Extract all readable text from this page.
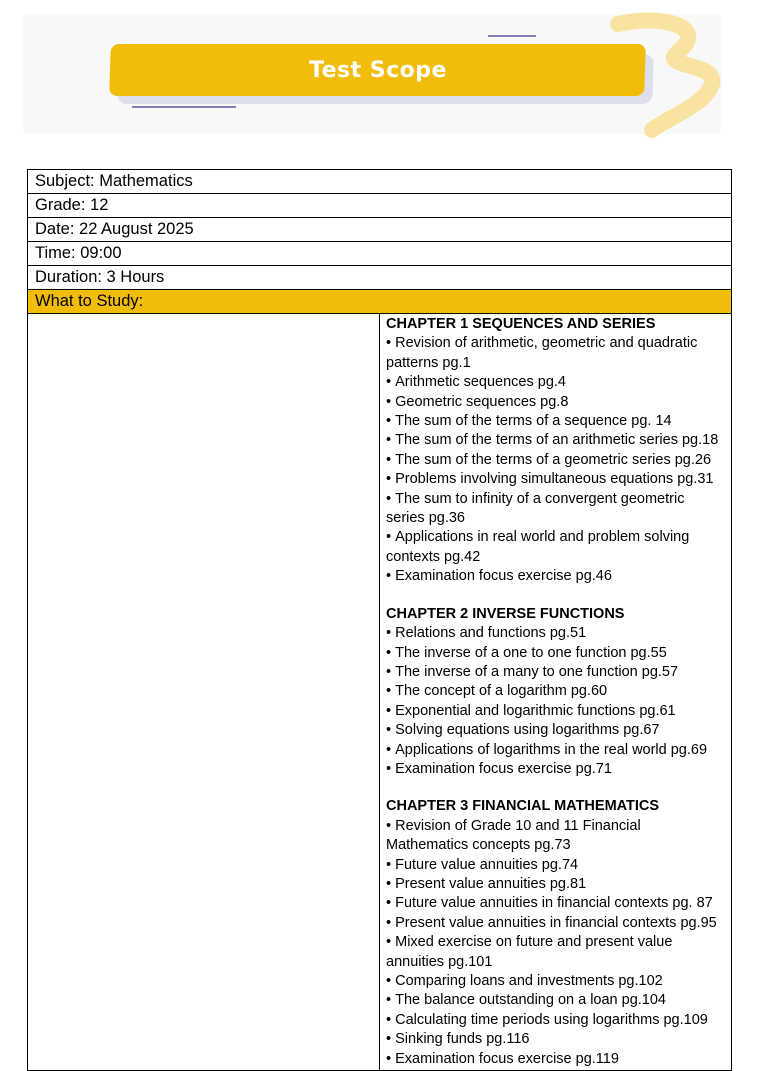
Test Scope
Subject: Mathematics
Grade: 12
Date: 22 August 2025
Time: 09:00
Duration: 3 Hours
What to Study:

CHAPTER 1 SEQUENCES AND SERIES
• Revision of arithmetic, geometric and quadratic patterns pg.1
• Arithmetic sequences pg.4
• Geometric sequences pg.8
• The sum of the terms of a sequence pg. 14
• The sum of the terms of an arithmetic series pg.18
• The sum of the terms of a geometric series pg.26
• Problems involving simultaneous equations pg.31
• The sum to infinity of a convergent geometric series pg.36
• Applications in real world and problem solving contexts pg.42
• Examination focus exercise pg.46
CHAPTER 2 INVERSE FUNCTIONS
• Relations and functions pg.51
• The inverse of a one to one function pg.55
• The inverse of a many to one function pg.57
• The concept of a logarithm pg.60
• Exponential and logarithmic functions pg.61
• Solving equations using logarithms pg.67
• Applications of logarithms in the real world pg.69
• Examination focus exercise pg.71
CHAPTER 3 FINANCIAL MATHEMATICS
• Revision of Grade 10 and 11 Financial Mathematics concepts pg.73
• Future value annuities pg.74
• Present value annuities pg.81
• Future value annuities in financial contexts pg. 87
• Present value annuities in financial contexts pg.95
• Mixed exercise on future and present value annuities pg.101
• Comparing loans and investments pg.102
• The balance outstanding on a loan pg.104
• Calculating time periods using logarithms pg.109
• Sinking funds pg.116
• Examination focus exercise pg.119
